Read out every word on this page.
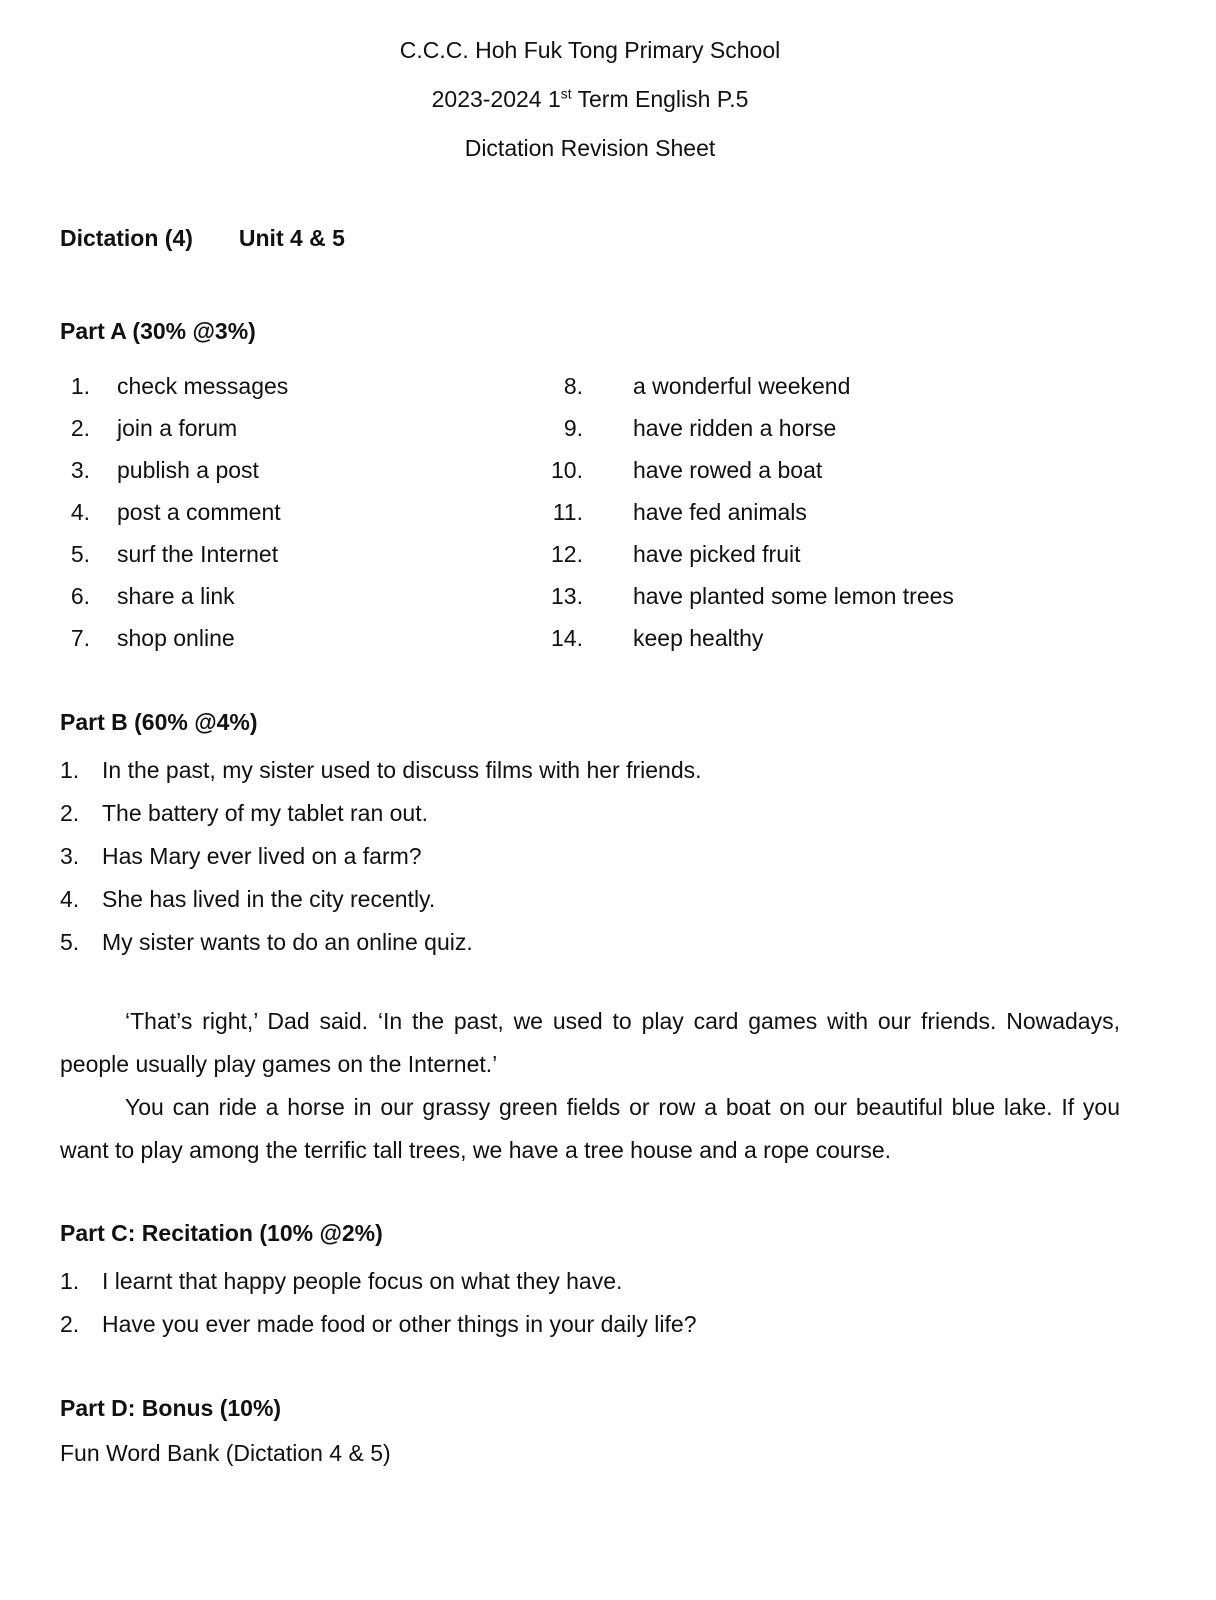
C.C.C. Hoh Fuk Tong Primary School
2023-2024 1st Term English P.5
Dictation Revision Sheet
Dictation (4) Unit 4 & 5
Part A (30% @3%)
1. check messages
2. join a forum
3. publish a post
4. post a comment
5. surf the Internet
6. share a link
7. shop online
8. a wonderful weekend
9. have ridden a horse
10. have rowed a boat
11. have fed animals
12. have picked fruit
13. have planted some lemon trees
14. keep healthy
Part B (60% @4%)
1. In the past, my sister used to discuss films with her friends.
2. The battery of my tablet ran out.
3. Has Mary ever lived on a farm?
4. She has lived in the city recently.
5. My sister wants to do an online quiz.

‘That’s right,’ Dad said. ‘In the past, we used to play card games with our friends. Nowadays, people usually play games on the Internet.’

You can ride a horse in our grassy green fields or row a boat on our beautiful blue lake. If you want to play among the terrific tall trees, we have a tree house and a rope course.

Part C: Recitation (10% @2%)
1. I learnt that happy people focus on what they have.
2. Have you ever made food or other things in your daily life?
Part D: Bonus (10%)
Fun Word Bank (Dictation 4 & 5)
